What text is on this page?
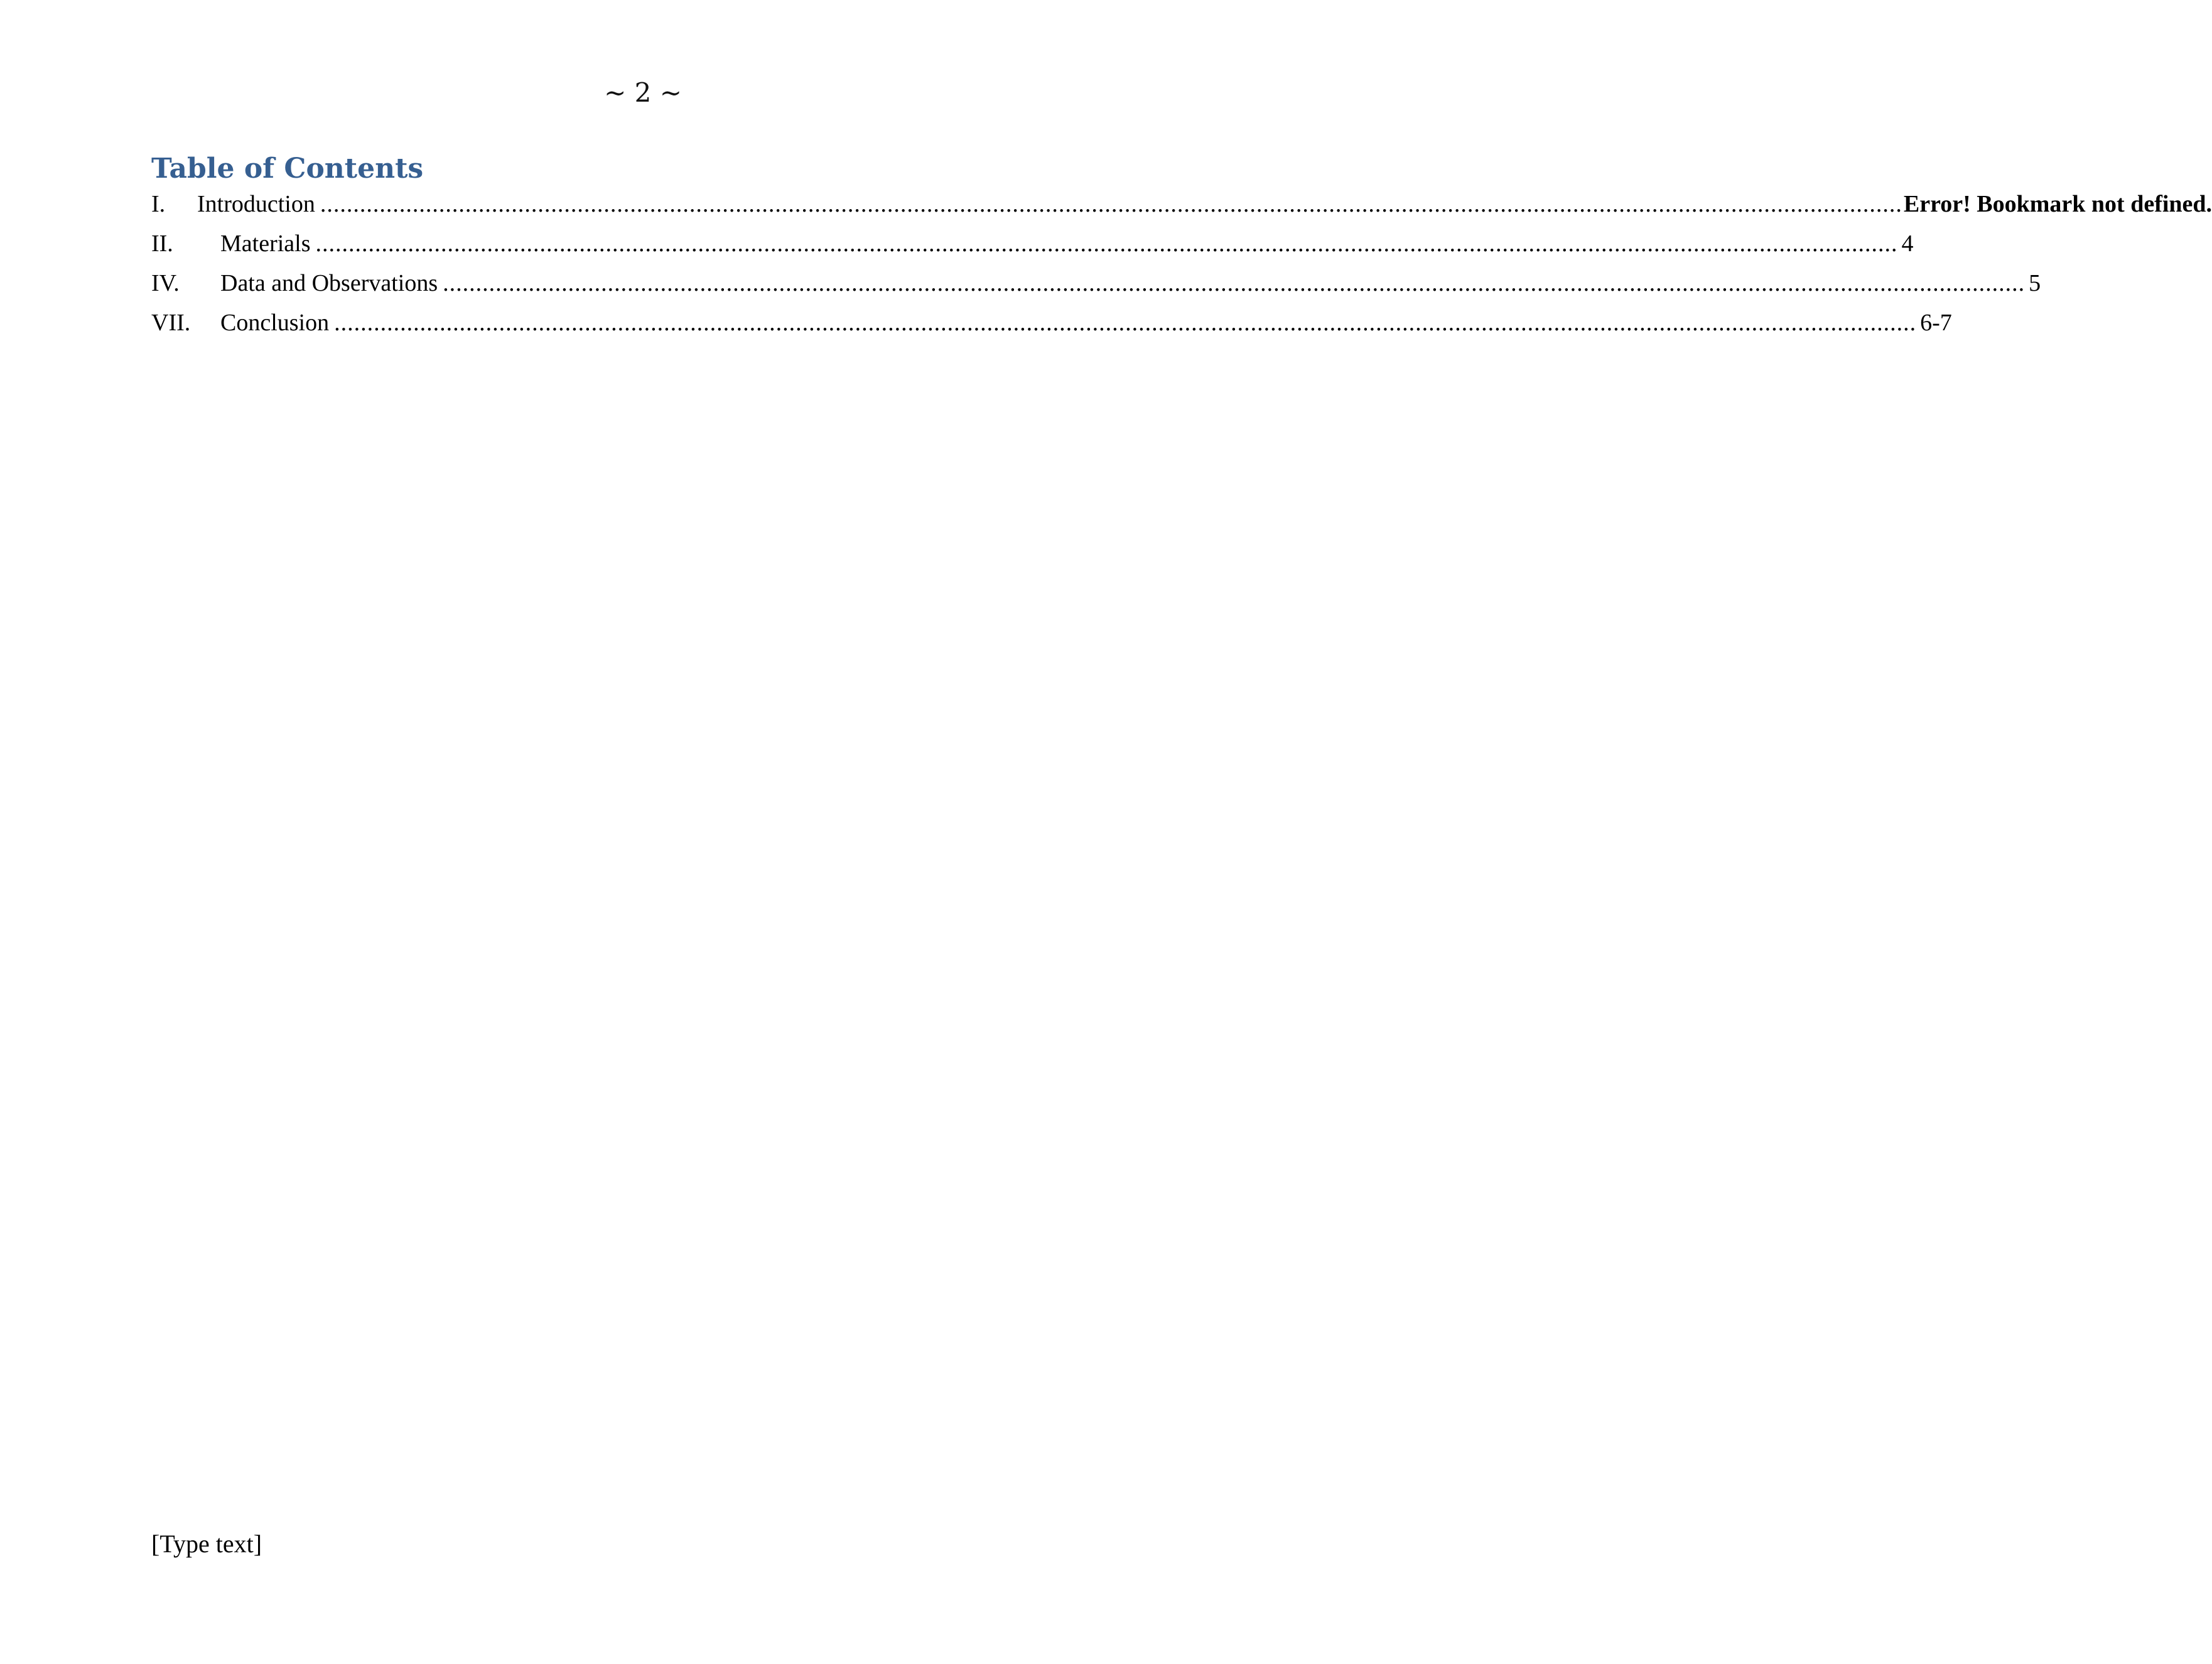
~ 2 ~
Table of Contents
I. Introduction ................................................................................................................................................................................................................................................ Error! Bookmark not defined.
II. Materials ................................................................................................................................................................................................................................................ 4
IV. Data and Observations ................................................................................................................................................................................................................................................ 5
VII. Conclusion ................................................................................................................................................................................................................................................ 6-7
[Type text]
